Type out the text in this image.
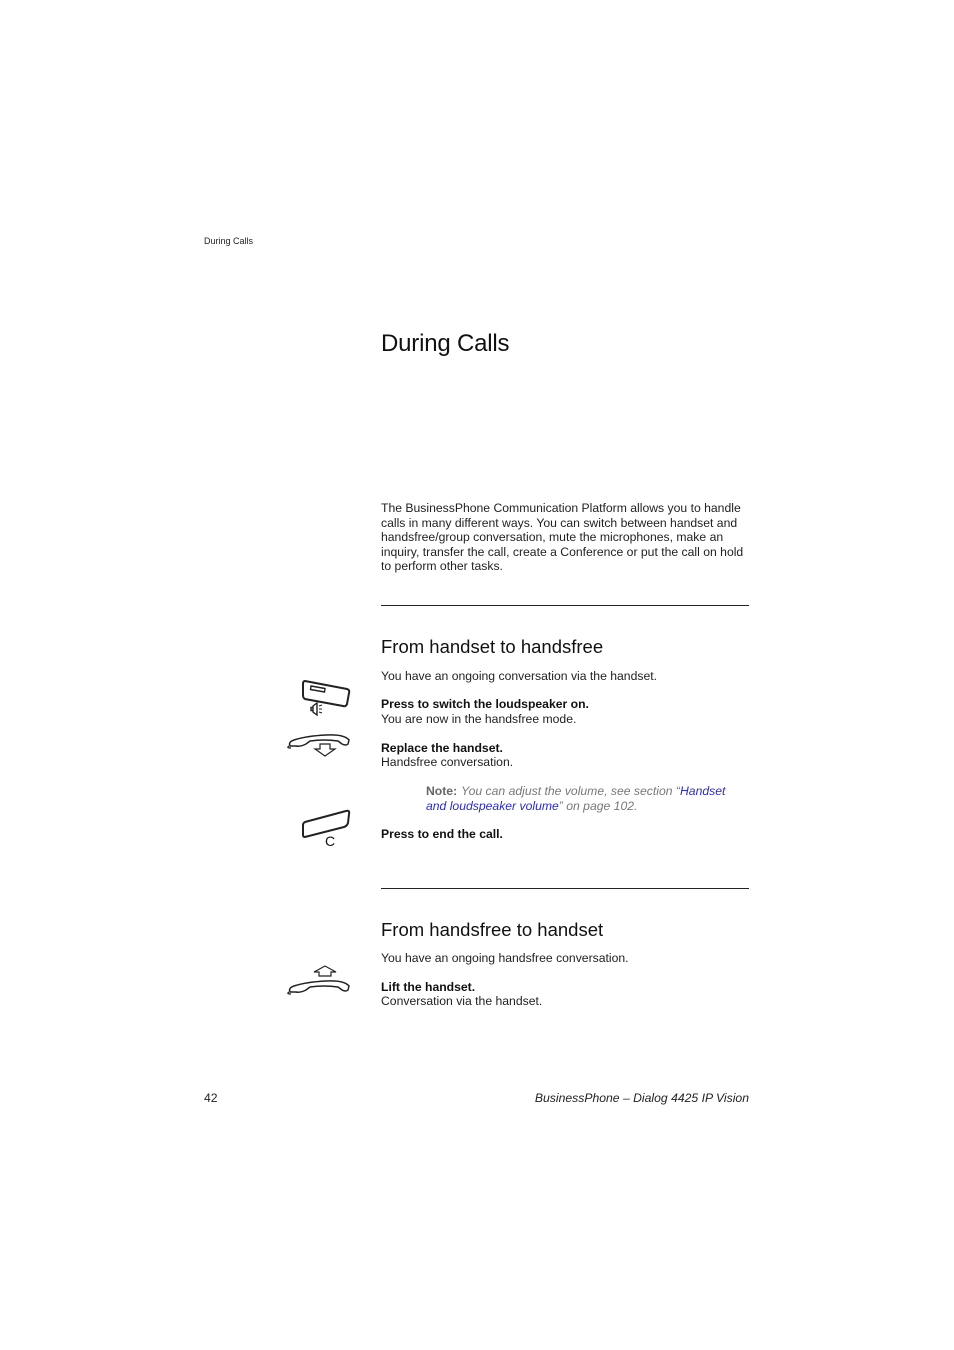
During Calls
During Calls
The BusinessPhone Communication Platform allows you to handle calls in many different ways. You can switch between handset and handsfree/group conversation, mute the microphones, make an inquiry, transfer the call, create a Conference or put the call on hold to perform other tasks.
From handset to handsfree
You have an ongoing conversation via the handset.
Press to switch the loudspeaker on.
You are now in the handsfree mode.
Replace the handset.
Handsfree conversation.
Note: You can adjust the volume, see section “Handset and loudspeaker volume” on page 102.
C	Press to end the call.
From handsfree to handset
You have an ongoing handsfree conversation.
Lift the handset.
Conversation via the handset.
42	BusinessPhone – Dialog 4425 IP Vision
